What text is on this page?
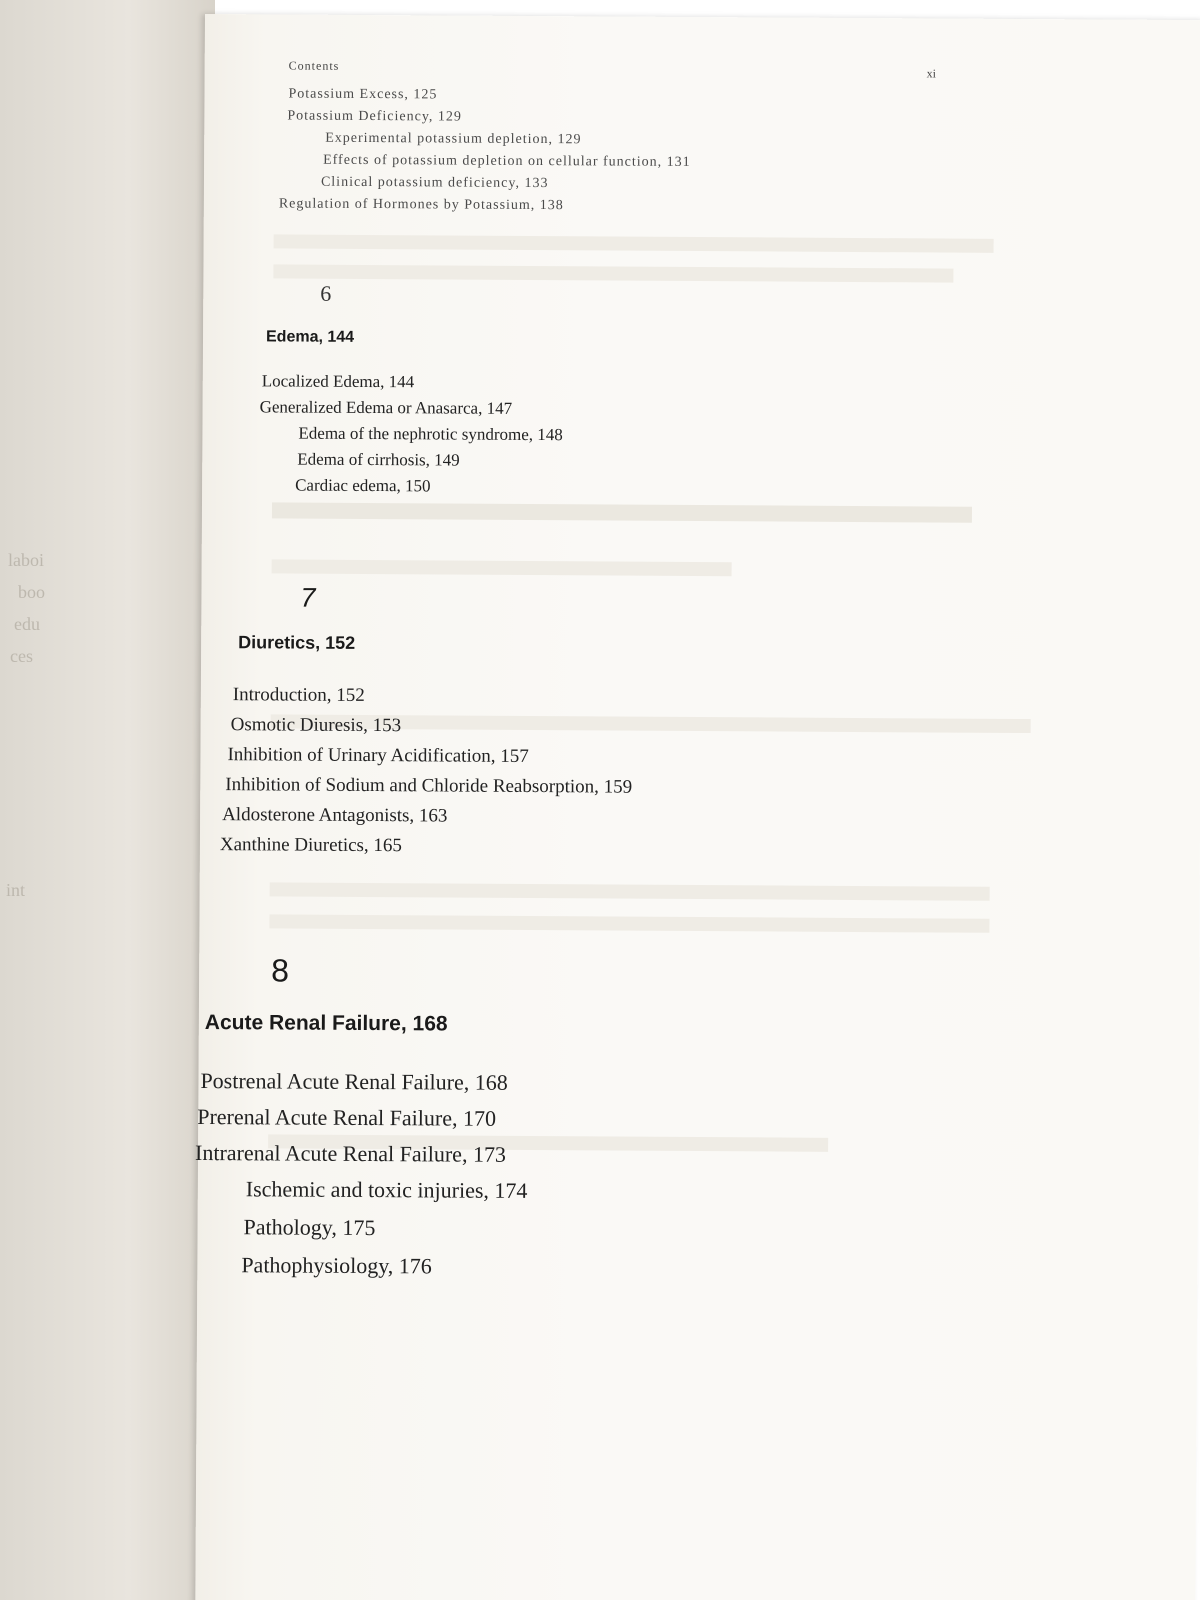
laboi
boo
edu
ces
int
Contents
xi
Potassium Excess, 125
Potassium Deficiency, 129
Experimental potassium depletion, 129
Effects of potassium depletion on cellular function, 131
Clinical potassium deficiency, 133
Regulation of Hormones by Potassium, 138
6
Edema, 144
Localized Edema, 144
Generalized Edema or Anasarca, 147
Edema of the nephrotic syndrome, 148
Edema of cirrhosis, 149
Cardiac edema, 150
7
Diuretics, 152
Introduction, 152
Osmotic Diuresis, 153
Inhibition of Urinary Acidification, 157
Inhibition of Sodium and Chloride Reabsorption, 159
Aldosterone Antagonists, 163
Xanthine Diuretics, 165
8
Acute Renal Failure, 168
Postrenal Acute Renal Failure, 168
Prerenal Acute Renal Failure, 170
Intrarenal Acute Renal Failure, 173
Ischemic and toxic injuries, 174
Pathology, 175
Pathophysiology, 176
